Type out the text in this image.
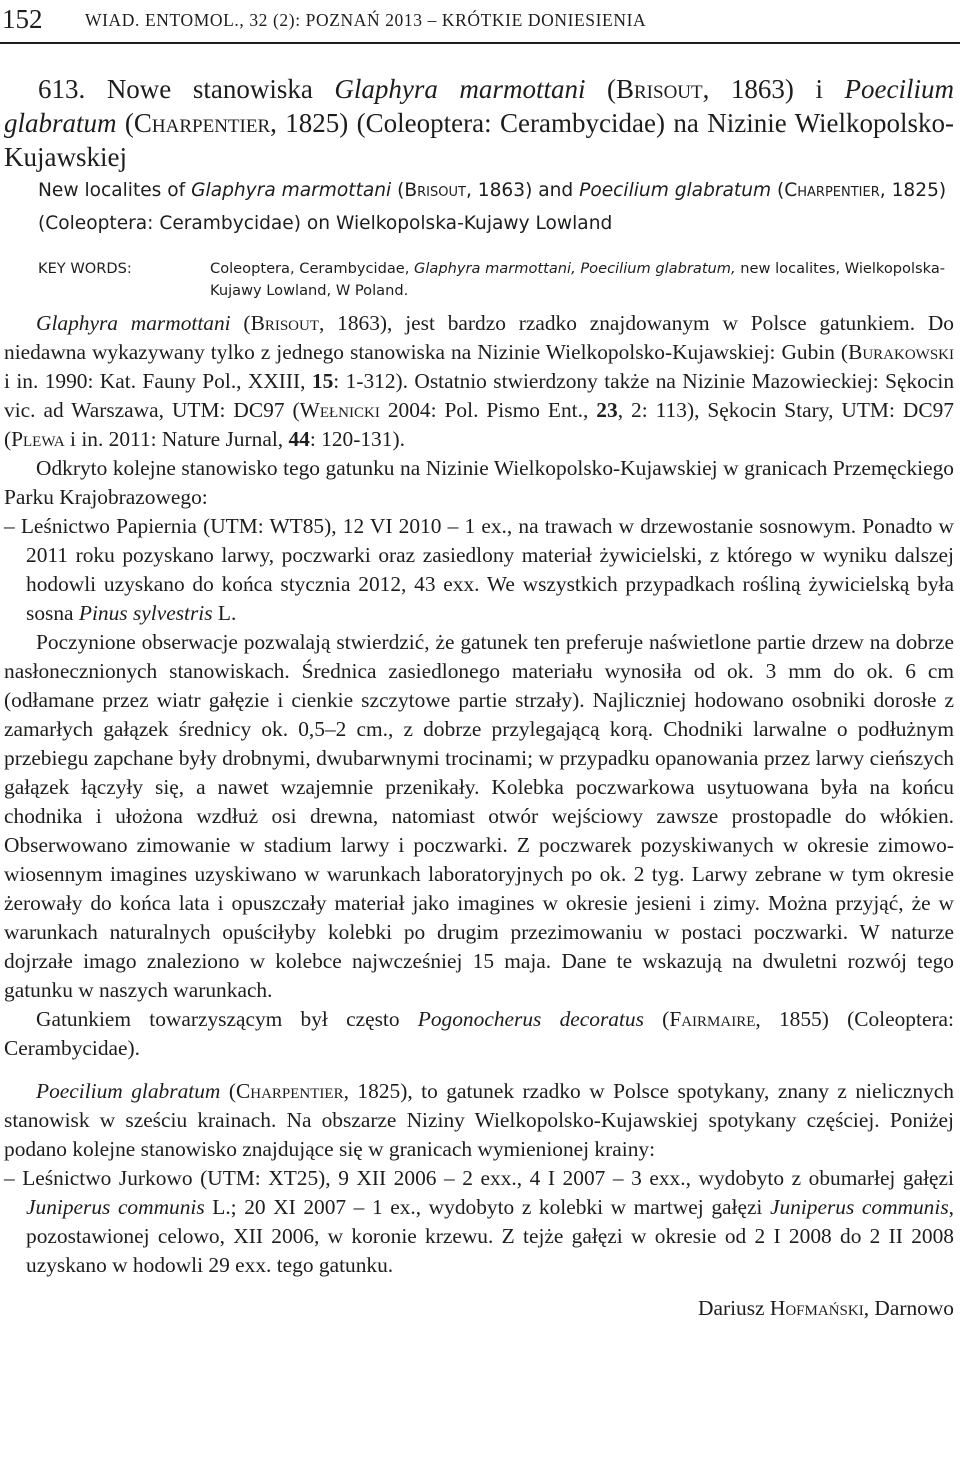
152 WIAD. ENTOMOL., 32 (2): POZNAŃ 2013 – KRÓTKIE DONIESIENIA

613. Nowe stanowiska Glaphyra marmottani (Brisout, 1863) i Poecilium glabratum (Charpentier, 1825) (Coleoptera: Cerambycidae) na Nizinie Wielkopolsko-Kujawskiej

New localites of Glaphyra marmottani (Brisout, 1863) and Poecilium glabratum (Charpentier, 1825) (Coleoptera: Cerambycidae) on Wielkopolska-Kujawy Lowland

KEY WORDS:	Coleoptera, Cerambycidae, Glaphyra marmottani, Poecilium glabratum, new localites, Wielkopolska-Kujawy Lowland, W Poland.

Glaphyra marmottani (Brisout, 1863), jest bardzo rzadko znajdowanym w Polsce gatunkiem. Do niedawna wykazywany tylko z jednego stanowiska na Nizinie Wielkopolsko-Kujawskiej: Gubin (Burakowski i in. 1990: Kat. Fauny Pol., XXIII, 15: 1-312). Ostatnio stwierdzony także na Nizinie Mazowieckiej: Sękocin vic. ad Warszawa, UTM: DC97 (Wełnicki 2004: Pol. Pismo Ent., 23, 2: 113), Sękocin Stary, UTM: DC97 (Plewa i in. 2011: Nature Jurnal, 44: 120-131).

Odkryto kolejne stanowisko tego gatunku na Nizinie Wielkopolsko-Kujawskiej w granicach Przemęckiego Parku Krajobrazowego:

– Leśnictwo Papiernia (UTM: WT85), 12 VI 2010 – 1 ex., na trawach w drzewostanie sosnowym. Ponadto w 2011 roku pozyskano larwy, poczwarki oraz zasiedlony materiał żywicielski, z którego w wyniku dalszej hodowli uzyskano do końca stycznia 2012, 43 exx. We wszystkich przypadkach rośliną żywicielską była sosna Pinus sylvestris L.

Poczynione obserwacje pozwalają stwierdzić, że gatunek ten preferuje naświetlone partie drzew na dobrze nasłonecznionych stanowiskach. Średnica zasiedlonego materiału wynosiła od ok. 3 mm do ok. 6 cm (odłamane przez wiatr gałęzie i cienkie szczytowe partie strzały). Najliczniej hodowano osobniki dorosłe z zamarłych gałązek średnicy ok. 0,5–2 cm., z dobrze przylegającą korą. Chodniki larwalne o podłużnym przebiegu zapchane były drobnymi, dwubarwnymi trocinami; w przypadku opanowania przez larwy cieńszych gałązek łączyły się, a nawet wzajemnie przenikały. Kolebka poczwarkowa usytuowana była na końcu chodnika i ułożona wzdłuż osi drewna, natomiast otwór wejściowy zawsze prostopadle do włókien. Obserwowano zimowanie w stadium larwy i poczwarki. Z poczwarek pozyskiwanych w okresie zimowo-wiosennym imagines uzyskiwano w warunkach laboratoryjnych po ok. 2 tyg. Larwy zebrane w tym okresie żerowały do końca lata i opuszczały materiał jako imagines w okresie jesieni i zimy. Można przyjąć, że w warunkach naturalnych opuściłyby kolebki po drugim przezimowaniu w postaci poczwarki. W naturze dojrzałe imago znaleziono w kolebce najwcześniej 15 maja. Dane te wskazują na dwuletni rozwój tego gatunku w naszych warunkach.

Gatunkiem towarzyszącym był często Pogonocherus decoratus (Fairmaire, 1855) (Coleoptera: Cerambycidae).

Poecilium glabratum (Charpentier, 1825), to gatunek rzadko w Polsce spotykany, znany z nielicznych stanowisk w sześciu krainach. Na obszarze Niziny Wielkopolsko-Kujawskiej spotykany częściej. Poniżej podano kolejne stanowisko znajdujące się w granicach wymienionej krainy:

– Leśnictwo Jurkowo (UTM: XT25), 9 XII 2006 – 2 exx., 4 I 2007 – 3 exx., wydobyto z obumarłej gałęzi Juniperus communis L.; 20 XI 2007 – 1 ex., wydobyto z kolebki w martwej gałęzi Juniperus communis, pozostawionej celowo, XII 2006, w koronie krzewu. Z tejże gałęzi w okresie od 2 I 2008 do 2 II 2008 uzyskano w hodowli 29 exx. tego gatunku.

Dariusz Hofmański, Darnowo
